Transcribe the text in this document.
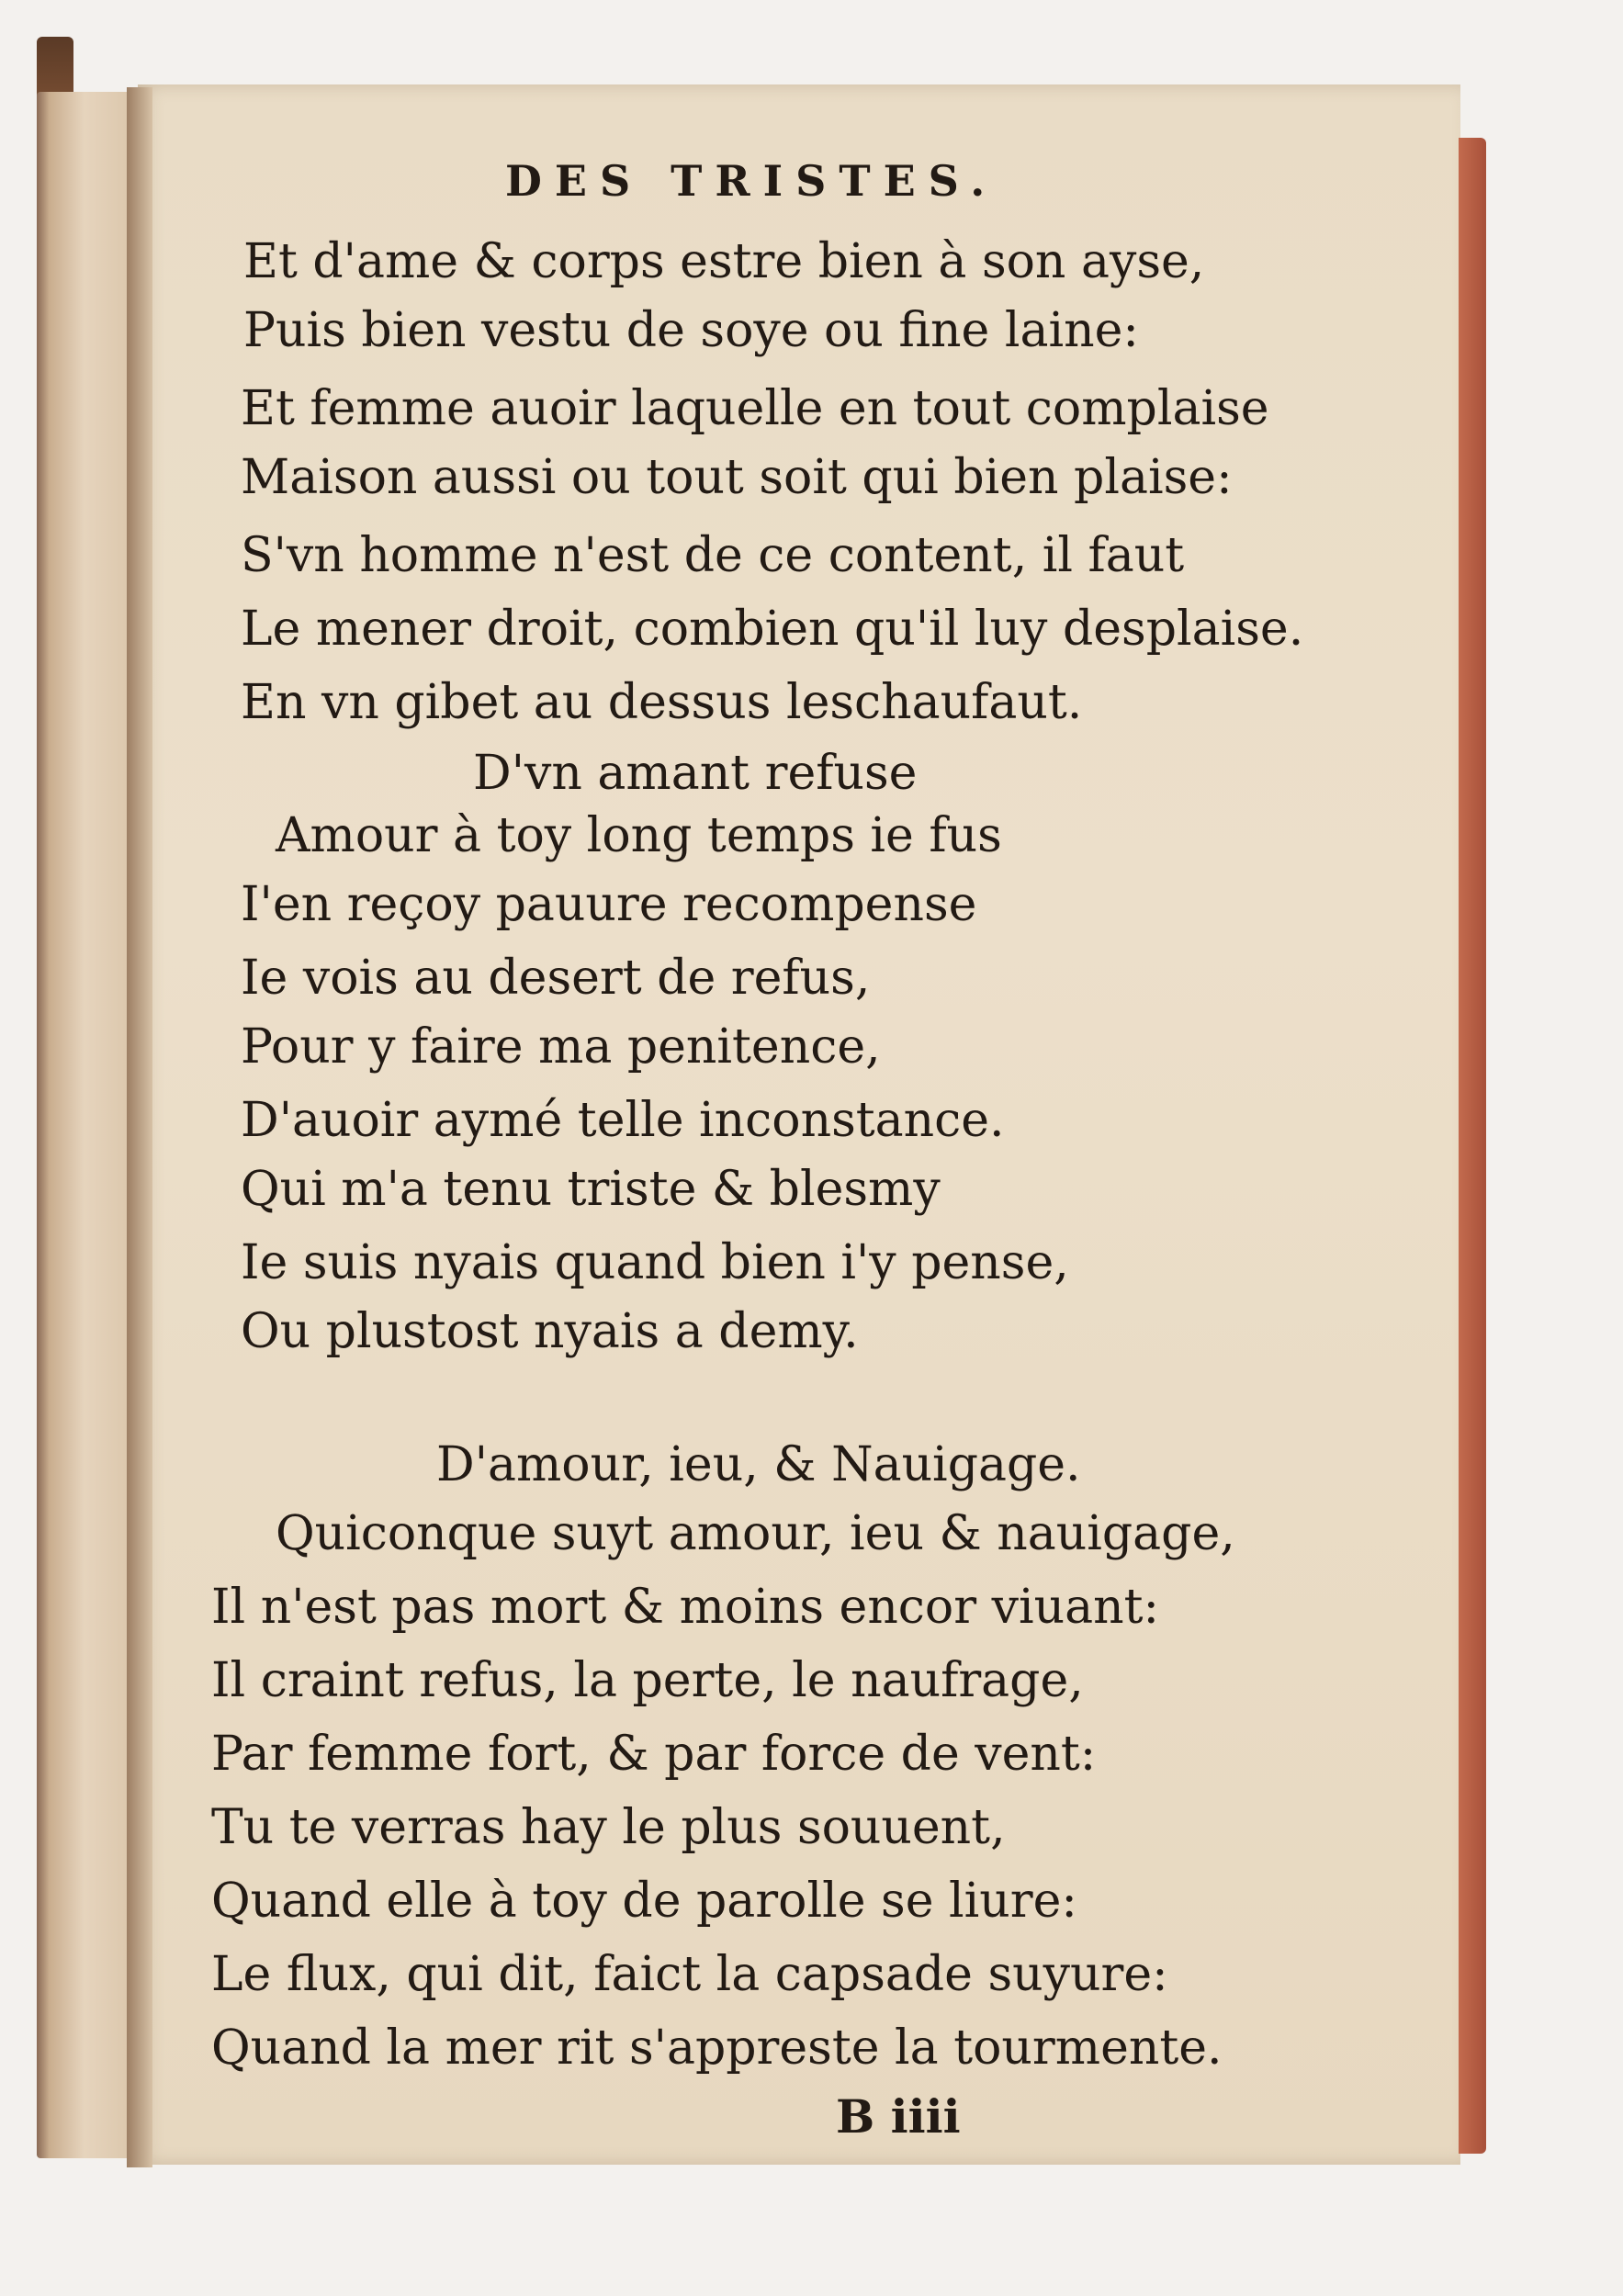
DES TRISTES.
Et d'ame & corps estre bien à son ayse,
Puis bien vestu de soye ou fine laine:
Et femme auoir laquelle en tout complaise
Maison aussi ou tout soit qui bien plaise:
S'vn homme n'est de ce content, il faut
Le mener droit, combien qu'il luy desplaise.
En vn gibet au dessus leschaufaut.
D'vn amant refuse
Amour à toy long temps ie fus
I'en reçoy pauure recompense
Ie vois au desert de refus,
Pour y faire ma penitence,
D'auoir aymé telle inconstance.
Qui m'a tenu triste & blesmy
Ie suis nyais quand bien i'y pense,
Ou plustost nyais a demy.
D'amour, ieu, & Nauigage.
Quiconque suyt amour, ieu & nauigage,
Il n'est pas mort & moins encor viuant:
Il craint refus, la perte, le naufrage,
Par femme fort, & par force de vent:
Tu te verras hay le plus souuent,
Quand elle à toy de parolle se liure:
Le flux, qui dit, faict la capsade suyure:
Quand la mer rit s'appreste la tourmente.
B iiii
